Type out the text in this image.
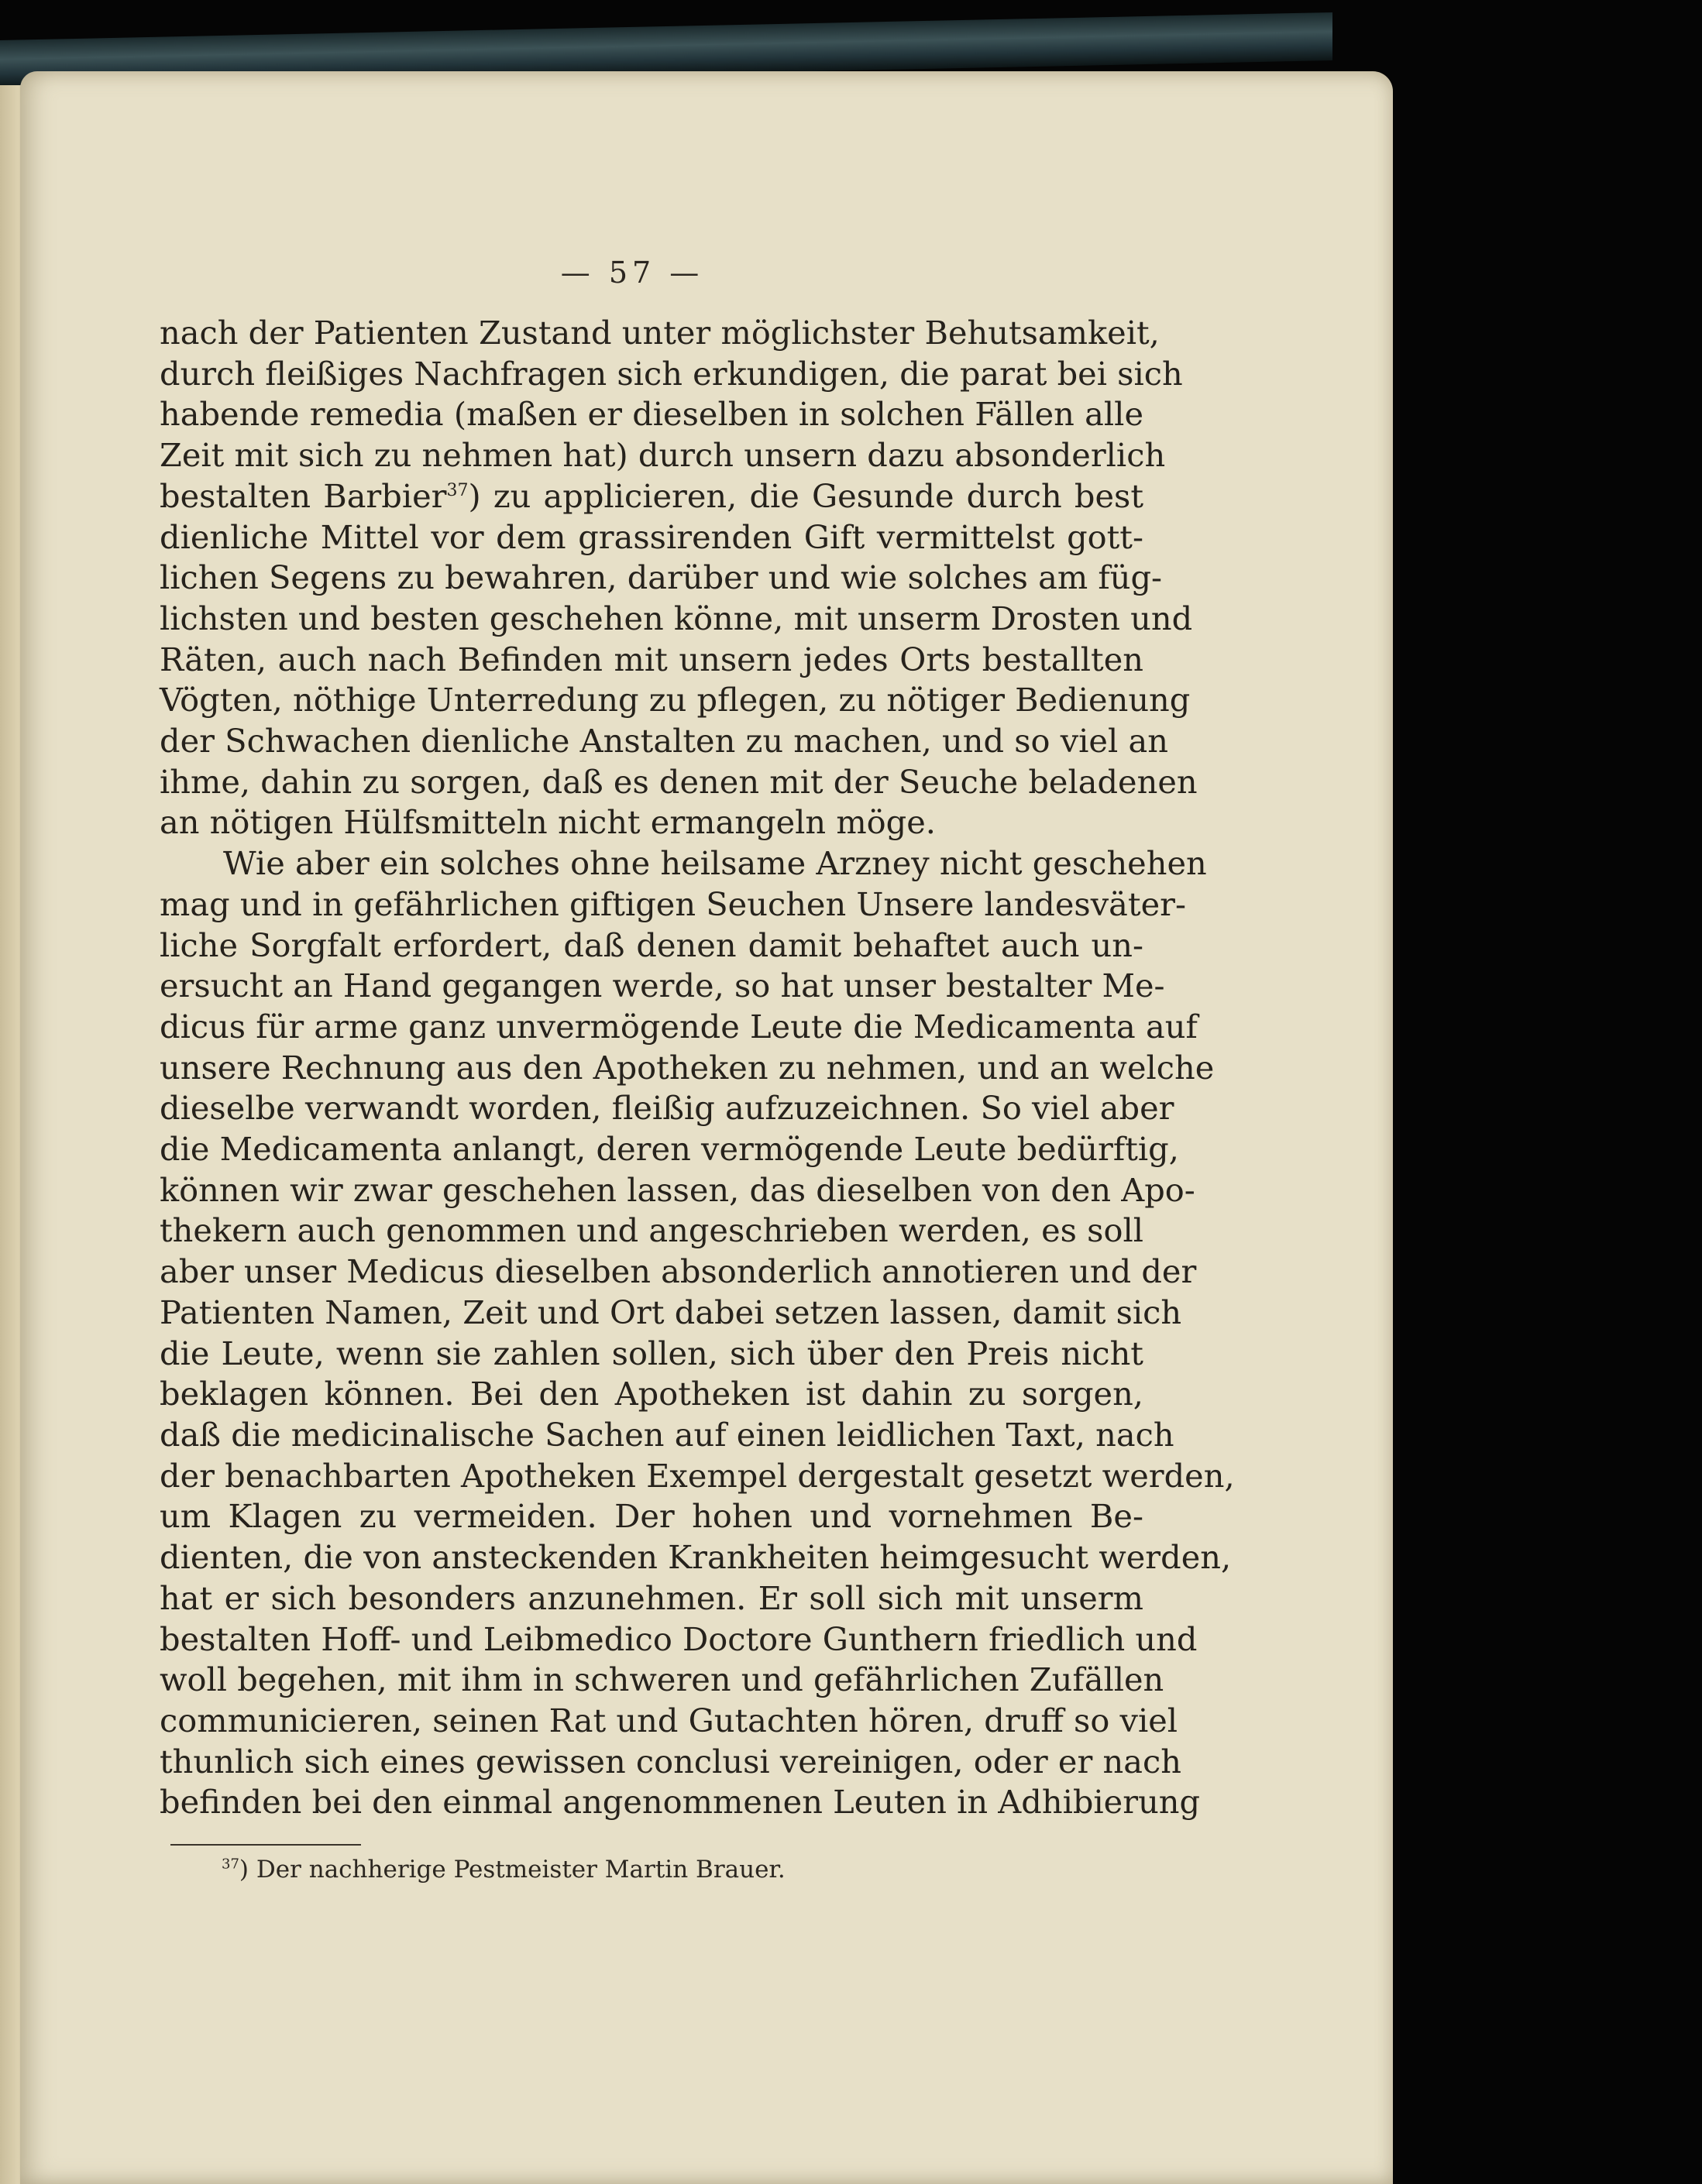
— 57 —
nach der Patienten Zustand unter möglichster Behutsamkeit,
durch fleißiges Nachfragen sich erkundigen, die parat bei sich
habende remedia (maßen er dieselben in solchen Fällen alle
Zeit mit sich zu nehmen hat) durch unsern dazu absonderlich
bestalten Barbier$^{37}$) zu applicieren, die Gesunde durch best
dienliche Mittel vor dem grassirenden Gift vermittelst gott-
lichen Segens zu bewahren, darüber und wie solches am füg-
lichsten und besten geschehen könne, mit unserm Drosten und
Räten, auch nach Befinden mit unsern jedes Orts bestallten
Vögten, nöthige Unterredung zu pflegen, zu nötiger Bedienung
der Schwachen dienliche Anstalten zu machen, und so viel an
ihme, dahin zu sorgen, daß es denen mit der Seuche beladenen
an nötigen Hülfsmitteln nicht ermangeln möge.
Wie aber ein solches ohne heilsame Arzney nicht geschehen
mag und in gefährlichen giftigen Seuchen Unsere landesväter-
liche Sorgfalt erfordert, daß denen damit behaftet auch un-
ersucht an Hand gegangen werde, so hat unser bestalter Me-
dicus für arme ganz unvermögende Leute die Medicamenta auf
unsere Rechnung aus den Apotheken zu nehmen, und an welche
dieselbe verwandt worden, fleißig aufzuzeichnen. So viel aber
die Medicamenta anlangt, deren vermögende Leute bedürftig,
können wir zwar geschehen lassen, das dieselben von den Apo-
thekern auch genommen und angeschrieben werden, es soll
aber unser Medicus dieselben absonderlich annotieren und der
Patienten Namen, Zeit und Ort dabei setzen lassen, damit sich
die Leute, wenn sie zahlen sollen, sich über den Preis nicht
beklagen können. Bei den Apotheken ist dahin zu sorgen,
daß die medicinalische Sachen auf einen leidlichen Taxt, nach
der benachbarten Apotheken Exempel dergestalt gesetzt werden,
um Klagen zu vermeiden. Der hohen und vornehmen Be-
dienten, die von ansteckenden Krankheiten heimgesucht werden,
hat er sich besonders anzunehmen. Er soll sich mit unserm
bestalten Hoff- und Leibmedico Doctore Gunthern friedlich und
woll begehen, mit ihm in schweren und gefährlichen Zufällen
communicieren, seinen Rat und Gutachten hören, druff so viel
thunlich sich eines gewissen conclusi vereinigen, oder er nach
befinden bei den einmal angenommenen Leuten in Adhibierung
$^{37}$) Der nachherige Pestmeister Martin Brauer.
